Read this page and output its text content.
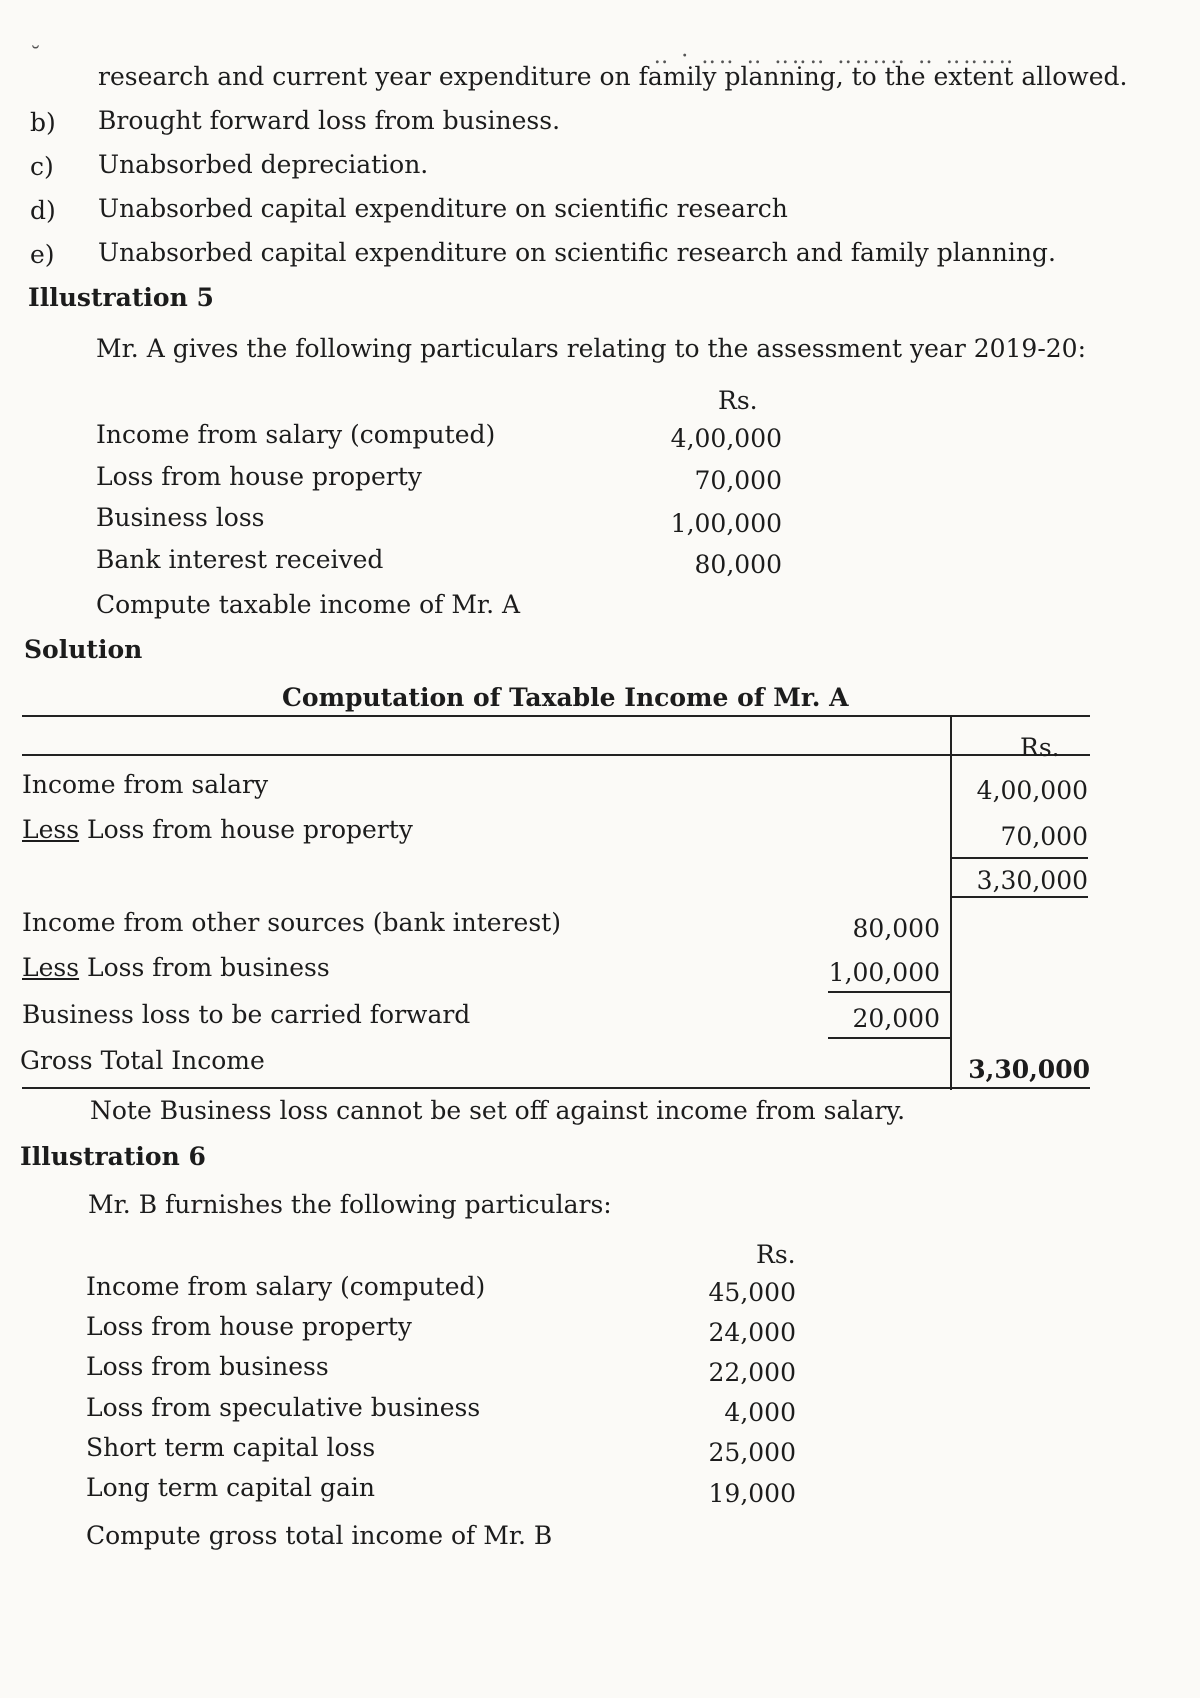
˘                                                             ‥ · ‥‥ ‥ ‥‥‥ ‥‥‥‥ ‥ ‥‥‥‥
research and current year expenditure on family planning, to the extent allowed.
b) Brought forward loss from business.
c) Unabsorbed depreciation.
d) Unabsorbed capital expenditure on scientific research
e) Unabsorbed capital expenditure on scientific research and family planning.
Illustration 5
Mr. A gives the following particulars relating to the assessment year 2019-20:
Rs.
Income from salary (computed)	4,00,000
Loss from house property	70,000
Business loss	1,00,000
Bank interest received	80,000
Compute taxable income of Mr. A
Solution
Computation of Taxable Income of Mr. A
Rs.
Income from salary	4,00,000
Less Loss from house property	70,000
3,30,000
Income from other sources (bank interest)	80,000
Less Loss from business	1,00,000
Business loss to be carried forward	20,000
Gross Total Income	3,30,000
Note Business loss cannot be set off against income from salary.
Illustration 6
Mr. B furnishes the following particulars:
Rs.
Income from salary (computed)	45,000
Loss from house property	24,000
Loss from business	22,000
Loss from speculative business	4,000
Short term capital loss	25,000
Long term capital gain	19,000
Compute gross total income of Mr. B
